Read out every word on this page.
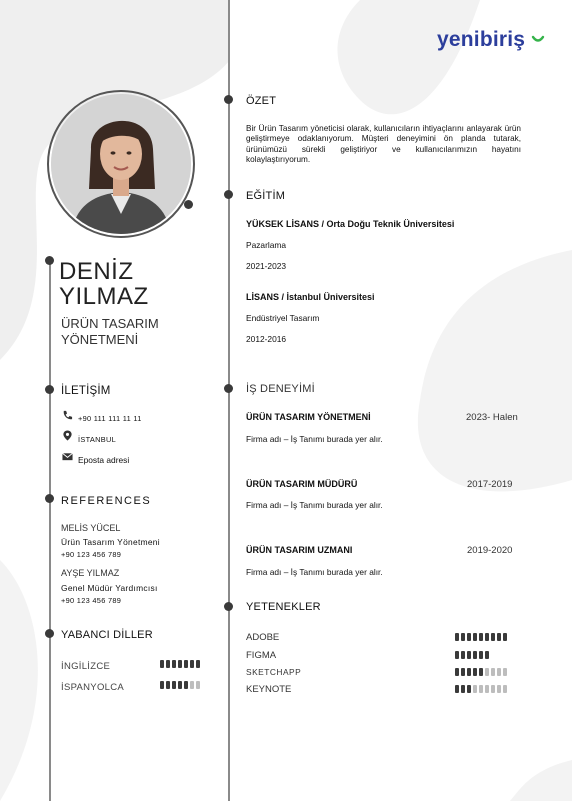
yenibiriş
DENİZ
YILMAZ
ÜRÜN TASARIM
YÖNETMENİ
İLETİŞİM
+90 111 111 11 11
İSTANBUL
Eposta adresi
REFERENCES
MELİS YÜCEL
Ürün Tasarım Yönetmeni
+90 123 456 789
AYŞE YILMAZ
Genel Müdür Yardımcısı
+90 123 456 789
YABANCI DİLLER
İNGİLİZCE
İSPANYOLCA
ÖZET
Bir Ürün Tasarım yöneticisi olarak, kullanıcıların ihtiyaçlarını anlayarak ürün geliştirmeye odaklanıyorum. Müşteri deneyimini ön planda tutarak, ürünümüzü sürekli geliştiriyor ve kullanıcılarımızın hayatını kolaylaştırıyorum.
EĞİTİM
YÜKSEK LİSANS / Orta Doğu Teknik Üniversitesi
Pazarlama
2021-2023
LİSANS / İstanbul Üniversitesi
Endüstriyel Tasarım
2012-2016
İŞ DENEYİMİ
ÜRÜN TASARIM YÖNETMENİ	2023- Halen
Firma adı – İş Tanımı burada yer alır.
ÜRÜN TASARIM MÜDÜRÜ	2017-2019
Firma adı – İş Tanımı burada yer alır.
ÜRÜN TASARIM UZMANI	2019-2020
Firma adı – İş Tanımı burada yer alır.
YETENEKLER
ADOBE
FIGMA
SKETCHAPP
KEYNOTE
